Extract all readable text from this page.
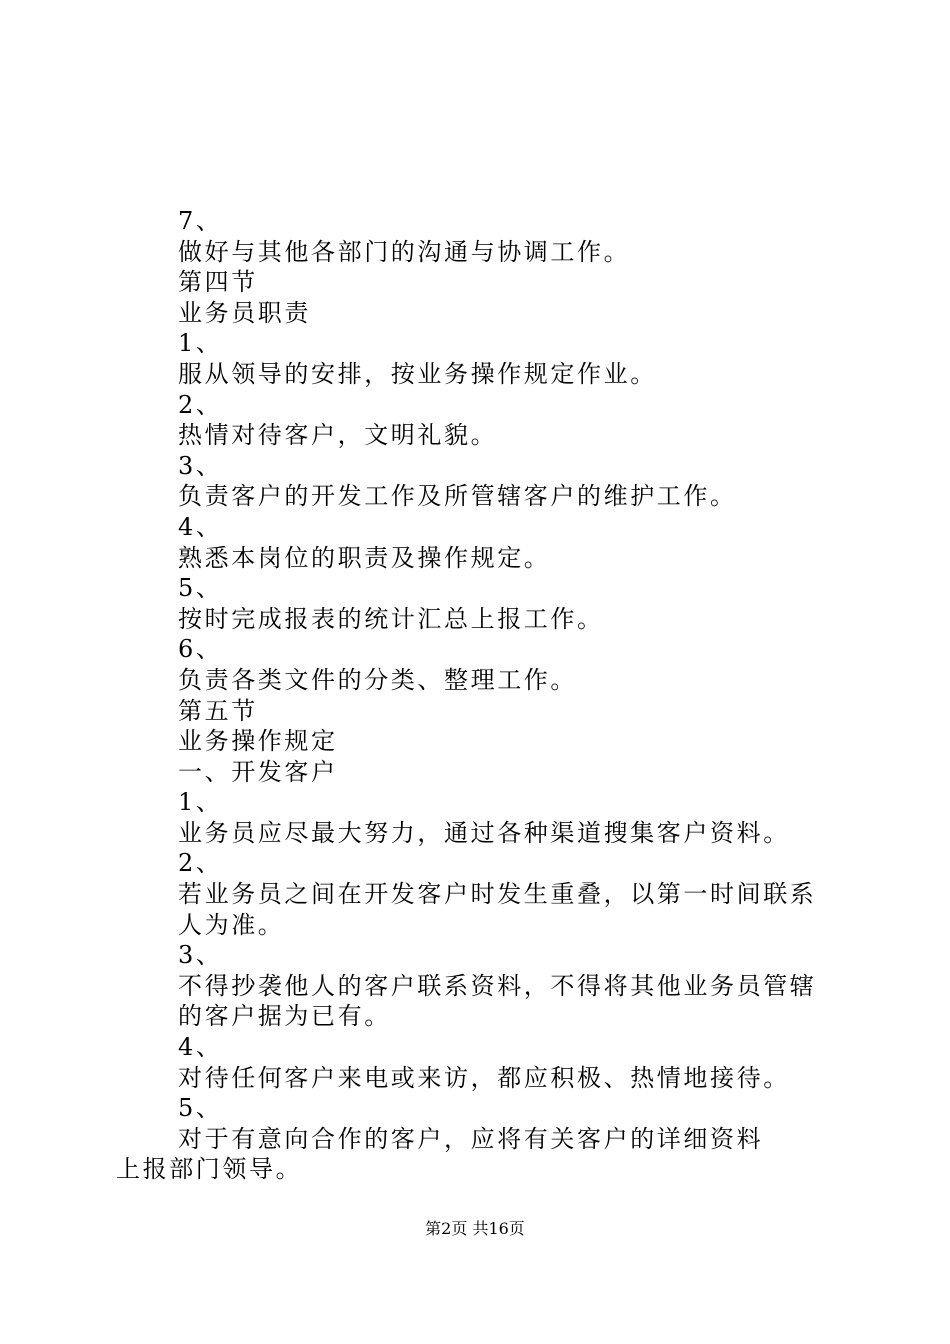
7、
做好与其他各部门的沟通与协调工作。
第四节
业务员职责
1、
服从领导的安排，按业务操作规定作业。
2、
热情对待客户，文明礼貌。
3、
负责客户的开发工作及所管辖客户的维护工作。
4、
熟悉本岗位的职责及操作规定。
5、
按时完成报表的统计汇总上报工作。
6、
负责各类文件的分类、整理工作。
第五节
业务操作规定
一、开发客户
1、
业务员应尽最大努力，通过各种渠道搜集客户资料。
2、
若业务员之间在开发客户时发生重叠，以第一时间联系人为准。
3、
不得抄袭他人的客户联系资料，不得将其他业务员管辖的客户据为已有。
4、
对待任何客户来电或来访，都应积极、热情地接待。
5、
对于有意向合作的客户，应将有关客户的详细资料上报部门领导。
第2页 共16页
